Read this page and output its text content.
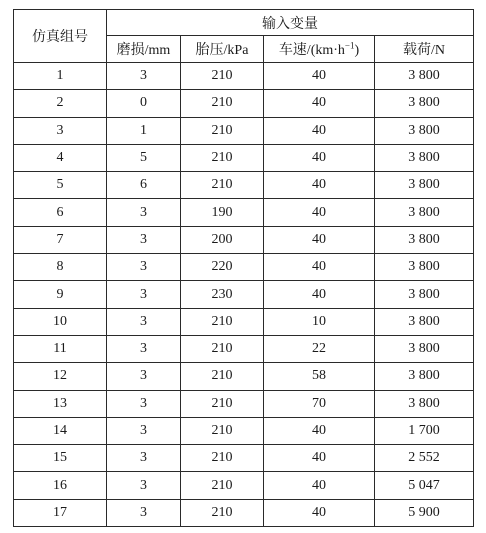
仿真组号	输入变量			
	磨损/mm	胎压/kPa	车速$/(km\cdot h^{-1})$	载荷/N
1	3	210	40	3 800
2	0	210	40	3 800
3	1	210	40	3 800
4	5	210	40	3 800
5	6	210	40	3 800
6	3	190	40	3 800
7	3	200	40	3 800
8	3	220	40	3 800
9	3	230	40	3 800
10	3	210	10	3 800
11	3	210	22	3 800
12	3	210	58	3 800
13	3	210	70	3 800
14	3	210	40	1 700
15	3	210	40	2 552
16	3	210	40	5 047
17	3	210	40	5 900
